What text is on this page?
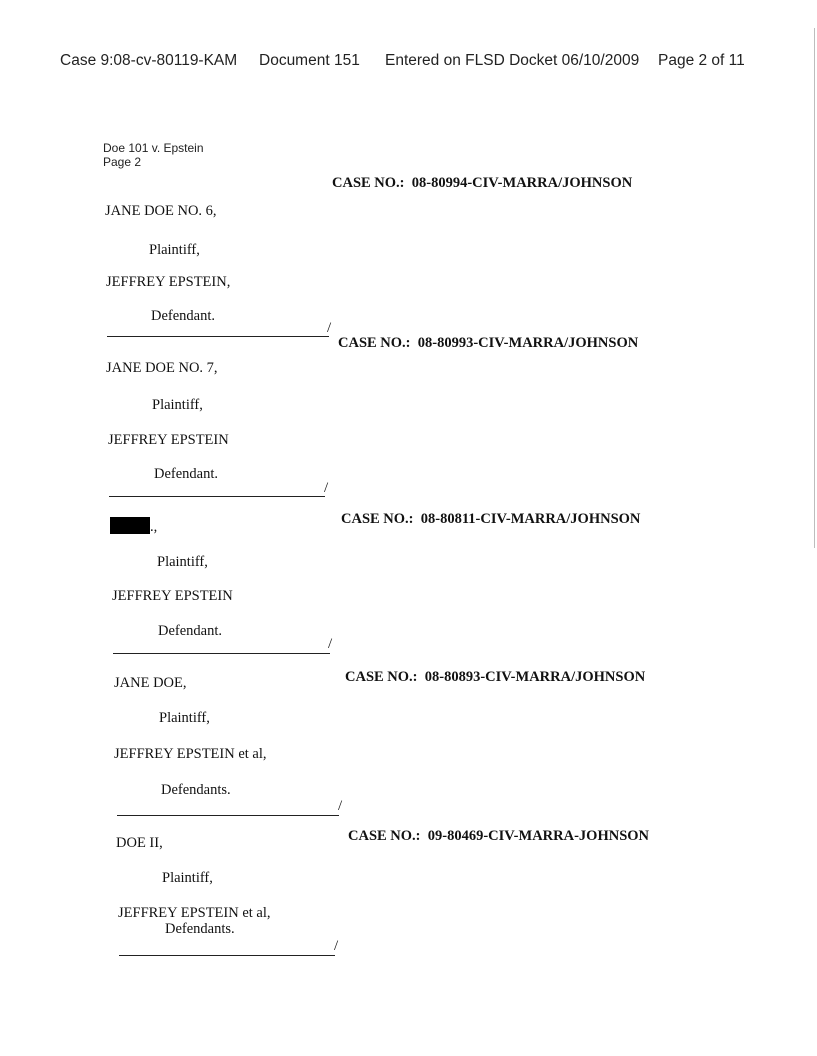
Case 9:08-cv-80119-KAM Document 151 Entered on FLSD Docket 06/10/2009 Page 2 of 11
Doe 101 v. Epstein
Page 2
CASE NO.: 08-80994-CIV-MARRA/JOHNSON
JANE DOE NO. 6,
Plaintiff,
JEFFREY EPSTEIN,
Defendant.
/
CASE NO.: 08-80993-CIV-MARRA/JOHNSON
JANE DOE NO. 7,
Plaintiff,
JEFFREY EPSTEIN
Defendant.
/
CASE NO.: 08-80811-CIV-MARRA/JOHNSON
.,
Plaintiff,
JEFFREY EPSTEIN
Defendant.
/
CASE NO.: 08-80893-CIV-MARRA/JOHNSON
JANE DOE,
Plaintiff,
JEFFREY EPSTEIN et al,
Defendants.
/
CASE NO.: 09-80469-CIV-MARRA-JOHNSON
DOE II,
Plaintiff,
JEFFREY EPSTEIN et al,
Defendants.
/
